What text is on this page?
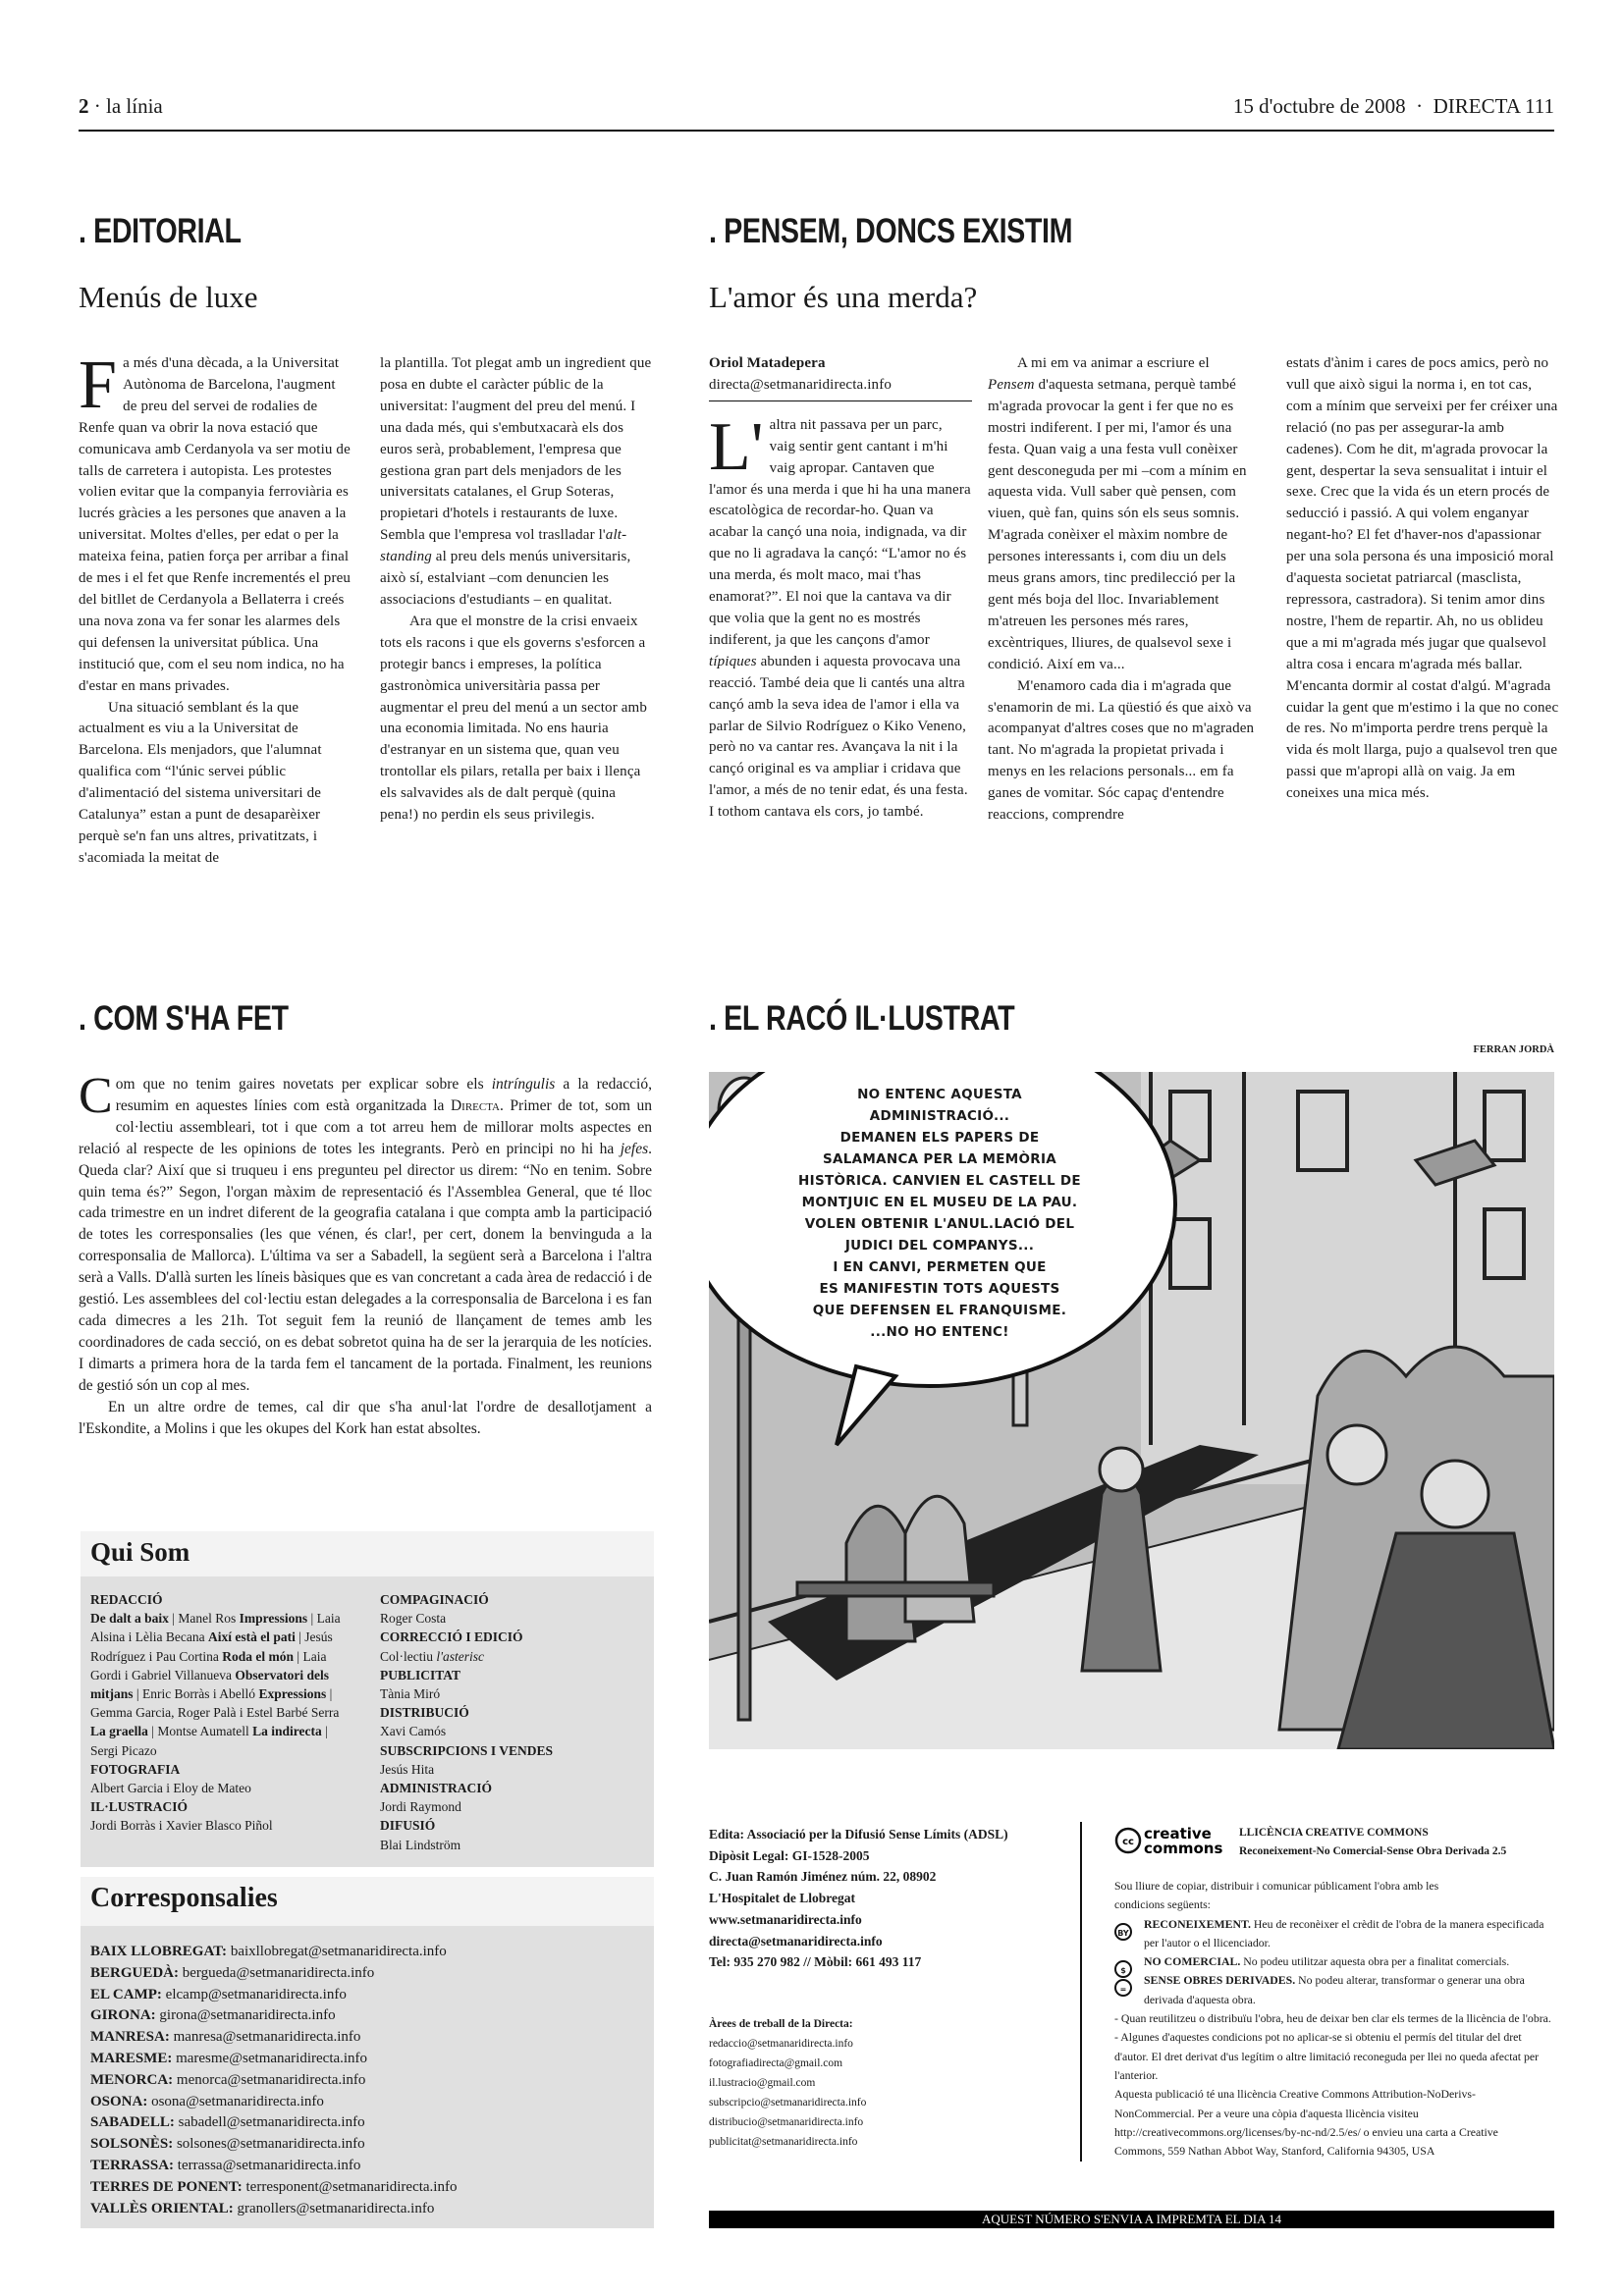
2 · la línia	15 d'octubre de 2008  ·  DIRECTA 111
. EDITORIAL
Menús de luxe
F a més d'una dècada, a la Universitat Autònoma de Barcelona, l'augment de preu del servei de rodalies de Renfe quan va obrir la nova estació que comunicava amb Cerdanyola va ser motiu de talls de carretera i autopista. Les protestes volien evitar que la companyia ferroviària es lucrés gràcies a les persones que anaven a la universitat. Moltes d'elles, per edat o per la mateixa feina, patien força per arribar a final de mes i el fet que Renfe incrementés el preu del bitllet de Cerdanyola a Bellaterra i creés una nova zona va fer sonar les alarmes dels qui defensen la universitat pública. Una institució que, com el seu nom indica, no ha d'estar en mans privades.

Una situació semblant és la que actualment es viu a la Universitat de Barcelona. Els menjadors, que l'alumnat qualifica com “l'únic servei públic d'alimentació del sistema universitari de Catalunya” estan a punt de desaparèixer perquè se'n fan uns altres, privatitzats, i s'acomiada la meitat de

la plantilla. Tot plegat amb un ingredient que posa en dubte el caràcter públic de la universitat: l'augment del preu del menú. I una dada més, qui s'embutxacarà els dos euros serà, probablement, l'empresa que gestiona gran part dels menjadors de les universitats catalanes, el Grup Soteras, propietari d'hotels i restaurants de luxe. Sembla que l'empresa vol traslladar l'alt-standing al preu dels menús universitaris, això sí, estalviant –com denuncien les associacions d'estudiants – en qualitat.

Ara que el monstre de la crisi envaeix tots els racons i que els governs s'esforcen a protegir bancs i empreses, la política gastronòmica universitària passa per augmentar el preu del menú a un sector amb una economia limitada. No ens hauria d'estranyar en un sistema que, quan veu trontollar els pilars, retalla per baix i llença els salvavides als de dalt perquè (quina pena!) no perdin els seus privilegis.

. PENSEM, DONCS EXISTIM
L'amor és una merda?
Oriol Matadepera
directa@setmanaridirecta.info
L' altra nit passava per un parc, vaig sentir gent cantant i m'hi vaig apropar. Cantaven que l'amor és una merda i que hi ha una manera escatològica de recordar-ho. Quan va acabar la cançó una noia, indignada, va dir que no li agradava la cançó: “L'amor no és una merda, és molt maco, mai t'has enamorat?”. El noi que la cantava va dir que volia que la gent no es mostrés indiferent, ja que les cançons d'amor típiques abunden i aquesta provocava una reacció. També deia que li cantés una altra cançó amb la seva idea de l'amor i ella va parlar de Silvio Rodríguez o Kiko Veneno, però no va cantar res. Avançava la nit i la cançó original es va ampliar i cridava que l'amor, a més de no tenir edat, és una festa. I tothom cantava els cors, jo també.

A mi em va animar a escriure el Pensem d'aquesta setmana, perquè també m'agrada provocar la gent i fer que no es mostri indiferent. I per mi, l'amor és una festa. Quan vaig a una festa vull conèixer gent desconeguda per mi –com a mínim en aquesta vida. Vull saber què pensen, com viuen, què fan, quins són els seus somnis. M'agrada conèixer el màxim nombre de persones interessants i, com diu un dels meus grans amors, tinc predilecció per la gent més boja del lloc. Invariablement m'atreuen les persones més rares, excèntriques, lliures, de qualsevol sexe i condició. Així em va...

M'enamoro cada dia i m'agrada que s'enamorin de mi. La qüestió és que això va acompanyat d'altres coses que no m'agraden tant. No m'agrada la propietat privada i menys en les relacions personals... em fa ganes de vomitar. Sóc capaç d'entendre reaccions, comprendre

estats d'ànim i cares de pocs amics, però no vull que això sigui la norma i, en tot cas, com a mínim que serveixi per fer créixer una relació (no pas per assegurar-la amb cadenes). Com he dit, m'agrada provocar la gent, despertar la seva sensualitat i intuir el sexe. Crec que la vida és un etern procés de seducció i passió. A qui volem enganyar negant-ho? El fet d'haver-nos d'apassionar per una sola persona és una imposició moral d'aquesta societat patriarcal (masclista, repressora, castradora). Si tenim amor dins nostre, l'hem de repartir. Ah, no us oblideu que a mi m'agrada més jugar que qualsevol altra cosa i encara m'agrada més ballar. M'encanta dormir al costat d'algú. M'agrada cuidar la gent que m'estimo i la que no conec de res. No m'importa perdre trens perquè la vida és molt llarga, pujo a qualsevol tren que passi que m'apropi allà on vaig. Ja em coneixes una mica més.

. COM S'HA FET
C om que no tenim gaires novetats per explicar sobre els intríngulis a la redacció, resumim en aquestes línies com està organitzada la Directa. Primer de tot, som un col·lectiu assembleari, tot i que com a tot arreu hem de millorar molts aspectes en relació al respecte de les opinions de totes les integrants. Però en principi no hi ha jefes. Queda clar? Així que si truqueu i ens pregunteu pel director us direm: “No en tenim. Sobre quin tema és?” Segon, l'organ màxim de representació és l'Assemblea General, que té lloc cada trimestre en un indret diferent de la geografia catalana i que compta amb la participació de totes les corresponsalies (les que vénen, és clar!, per cert, donem la benvinguda a la corresponsalia de Mallorca). L'última va ser a Sabadell, la següent serà a Barcelona i l'altra serà a Valls. D'allà surten les líneis bàsiques que es van concretant a cada àrea de redacció i de gestió. Les assemblees del col·lectiu estan delegades a la corresponsalia de Barcelona i es fan cada dimecres a les 21h. Tot seguit fem la reunió de llançament de temes amb les coordinadores de cada secció, on es debat sobretot quina ha de ser la jerarquia de les notícies. I dimarts a primera hora de la tarda fem el tancament de la portada. Finalment, les reunions de gestió són un cop al mes.

En un altre ordre de temes, cal dir que s'ha anul·lat l'ordre de desallotjament a l'Eskondite, a Molins i que les okupes del Kork han estat absoltes.

. EL RACÓ IL·LUSTRAT
FERRAN JORDÀ
NO ENTENC AQUESTA
ADMINISTRACIÓ...
DEMANEN ELS PAPERS DE
SALAMANCA PER LA MEMÒRIA
HISTÒRICA. CANVIEN EL CASTELL DE
MONTJUIC EN EL MUSEU DE LA PAU.
VOLEN OBTENIR L'ANUL.LACIÓ DEL
JUDICI DEL COMPANYS...
I EN CANVI, PERMETEN QUE
ES MANIFESTIN TOTS AQUESTS
QUE DEFENSEN EL FRANQUISME.
...NO HO ENTENC!
Qui Som
REDACCIÓ
De dalt a baix | Manel Ros Impressions | Laia Alsina i Lèlia Becana Així està el pati | Jesús Rodríguez i Pau Cortina Roda el món | Laia Gordi i Gabriel Villanueva Observatori dels mitjans | Enric Borràs i Abelló Expressions | Gemma Garcia, Roger Palà i Estel Barbé Serra La graella | Montse Aumatell La indirecta | Sergi Picazo
FOTOGRAFIA
Albert Garcia i Eloy de Mateo
IL·LUSTRACIÓ
Jordi Borràs i Xavier Blasco Piñol
COMPAGINACIÓ
Roger Costa
CORRECCIÓ I EDICIÓ
Col·lectiu l'asterisc
PUBLICITAT
Tània Miró
DISTRIBUCIÓ
Xavi Camós
SUBSCRIPCIONS I VENDES
Jesús Hita
ADMINISTRACIÓ
Jordi Raymond
DIFUSIÓ
Blai Lindström
Corresponsalies
BAIX LLOBREGAT: baixllobregat@setmanaridirecta.info
BERGUEDÀ: bergueda@setmanaridirecta.info
EL CAMP: elcamp@setmanaridirecta.info
GIRONA: girona@setmanaridirecta.info
MANRESA: manresa@setmanaridirecta.info
MARESME: maresme@setmanaridirecta.info
MENORCA: menorca@setmanaridirecta.info
OSONA: osona@setmanaridirecta.info
SABADELL: sabadell@setmanaridirecta.info
SOLSONÈS: solsones@setmanaridirecta.info
TERRASSA: terrassa@setmanaridirecta.info
TERRES DE PONENT: terresponent@setmanaridirecta.info
VALLÈS ORIENTAL: granollers@setmanaridirecta.info
Edita: Associació per la Difusió Sense Límits (ADSL)
Dipòsit Legal: GI-1528-2005
C. Juan Ramón Jiménez núm. 22, 08902
L'Hospitalet de Llobregat
www.setmanaridirecta.info
directa@setmanaridirecta.info
Tel: 935 270 982 // Mòbil: 661 493 117
Àrees de treball de la Directa:
redaccio@setmanaridirecta.info
fotografiadirecta@gmail.com
il.lustracio@gmail.com
subscripcio@setmanaridirecta.info
distribucio@setmanaridirecta.info
publicitat@setmanaridirecta.info
cc creative
commons
LLICÈNCIA CREATIVE COMMONS
Reconeixement-No Comercial-Sense Obra Derivada 2.5
Sou lliure de copiar, distribuir i comunicar públicament l'obra amb les condicions següents:
BY
RECONEIXEMENT. Heu de reconèixer el crèdit de l'obra de la manera especificada per l'autor o el llicenciador.
$
NO COMERCIAL. No podeu utilitzar aquesta obra per a finalitat comercials.
=
SENSE OBRES DERIVADES. No podeu alterar, transformar o generar una obra derivada d'aquesta obra.
- Quan reutilitzeu o distribuïu l'obra, heu de deixar ben clar els termes de la llicència de l'obra.
- Algunes d'aquestes condicions pot no aplicar-se si obteniu el permís del titular del dret d'autor. El dret derivat d'us legítim o altre limitació reconeguda per llei no queda afectat per l'anterior.
Aquesta publicació té una llicència Creative Commons Attribution-NoDerivs- NonCommercial. Per a veure una còpia d'aquesta llicència visiteu http://creativecommons.org/licenses/by-nc-nd/2.5/es/ o envieu una carta a Creative Commons, 559 Nathan Abbot Way, Stanford, California 94305, USA
AQUEST NÚMERO S'ENVIA A IMPREMTA EL DIA 14
